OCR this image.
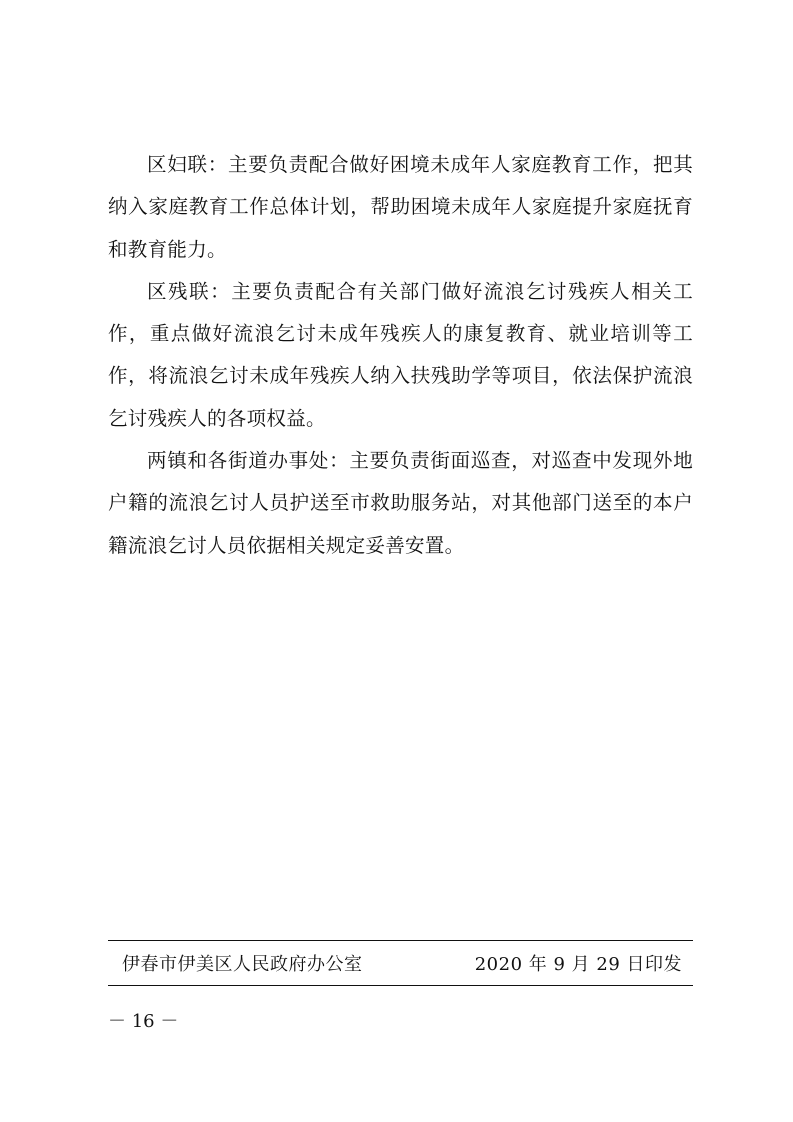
区妇联：主要负责配合做好困境未成年人家庭教育工作，把其纳入家庭教育工作总体计划，帮助困境未成年人家庭提升家庭抚育和教育能力。

区残联：主要负责配合有关部门做好流浪乞讨残疾人相关工作，重点做好流浪乞讨未成年残疾人的康复教育、就业培训等工作，将流浪乞讨未成年残疾人纳入扶残助学等项目，依法保护流浪乞讨残疾人的各项权益。

两镇和各街道办事处：主要负责街面巡查，对巡查中发现外地户籍的流浪乞讨人员护送至市救助服务站，对其他部门送至的本户籍流浪乞讨人员依据相关规定妥善安置。

伊春市伊美区人民政府办公室	2020 年 9 月 29 日印发
－ 16 －
